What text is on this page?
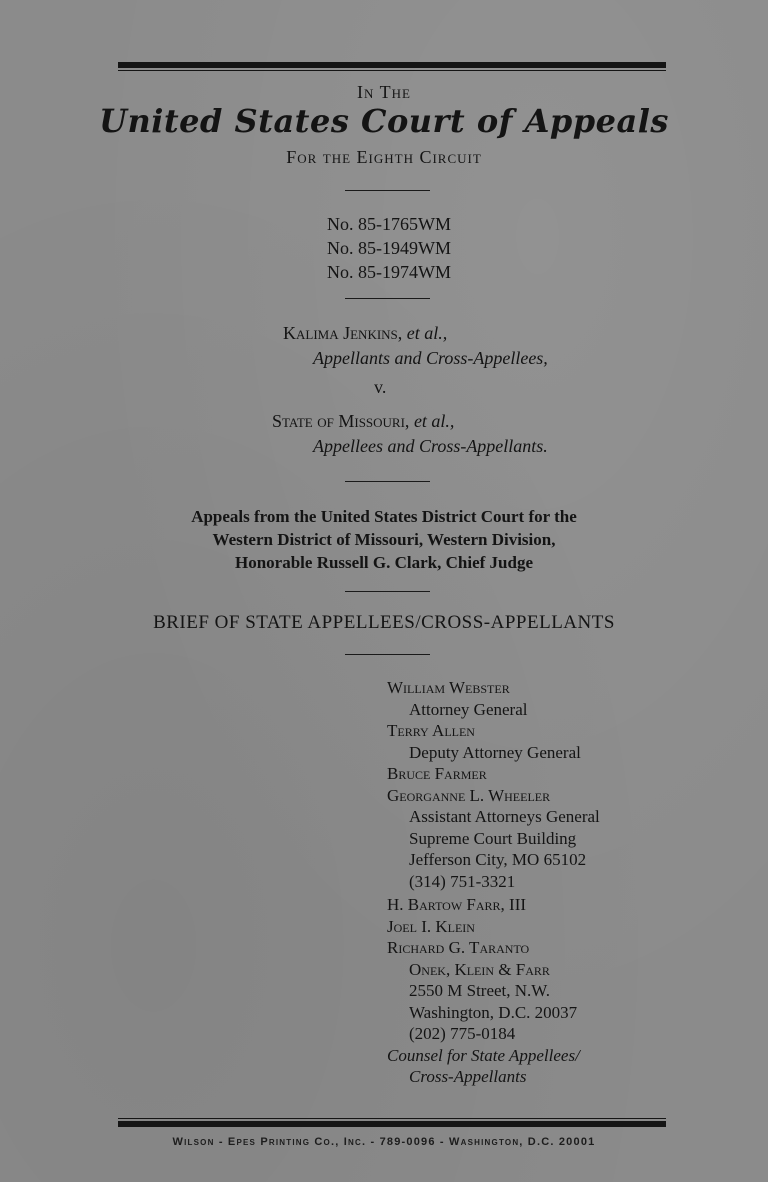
In The
United States Court of Appeals
For the Eighth Circuit
No. 85-1765WM
No. 85-1949WM
No. 85-1974WM
Kalima Jenkins, et al.,
Appellants and Cross-Appellees,
v.
State of Missouri, et al.,
Appellees and Cross-Appellants.
Appeals from the United States District Court for the
Western District of Missouri, Western Division,
Honorable Russell G. Clark, Chief Judge
BRIEF OF STATE APPELLEES/CROSS-APPELLANTS
William Webster
Attorney General
Terry Allen
Deputy Attorney General
Bruce Farmer
Georganne L. Wheeler
Assistant Attorneys General
Supreme Court Building
Jefferson City, MO 65102
(314) 751-3321
H. Bartow Farr, III
Joel I. Klein
Richard G. Taranto
Onek, Klein & Farr
2550 M Street, N.W.
Washington, D.C. 20037
(202) 775-0184
Counsel for State Appellees/
Cross-Appellants
Wilson - Epes Printing Co., Inc. - 789-0096 - Washington, D.C. 20001
